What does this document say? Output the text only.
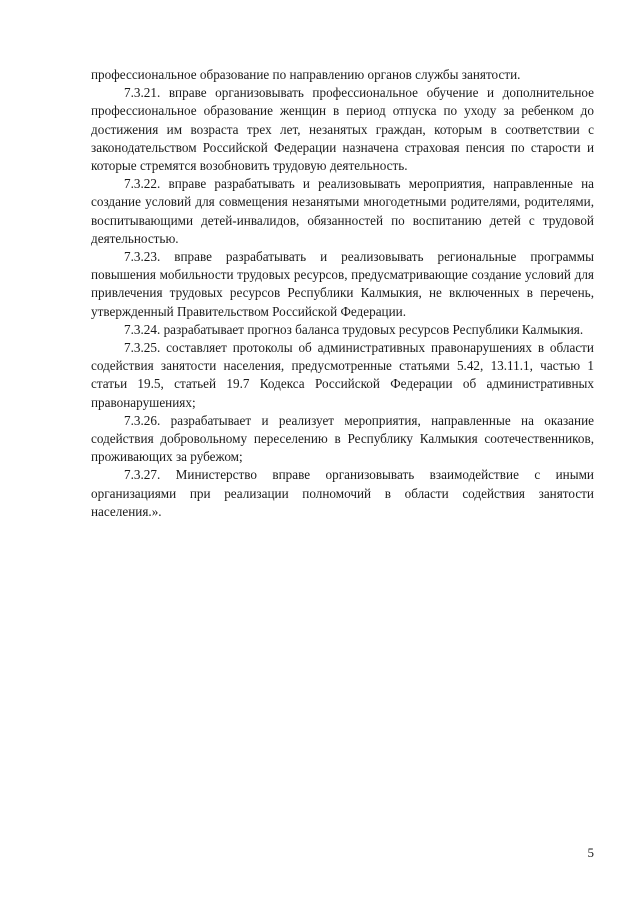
профессиональное образование по направлению органов службы занятости.

7.3.21. вправе организовывать профессиональное обучение и дополнительное профессиональное образование женщин в период отпуска по уходу за ребенком до достижения им возраста трех лет, незанятых граждан, которым в соответствии с законодательством Российской Федерации назначена страховая пенсия по старости и которые стремятся возобновить трудовую деятельность.

7.3.22. вправе разрабатывать и реализовывать мероприятия, направленные на создание условий для совмещения незанятыми многодетными родителями, родителями, воспитывающими детей-инвалидов, обязанностей по воспитанию детей с трудовой деятельностью.

7.3.23. вправе разрабатывать и реализовывать региональные программы повышения мобильности трудовых ресурсов, предусматривающие создание условий для привлечения трудовых ресурсов Республики Калмыкия, не включенных в перечень, утвержденный Правительством Российской Федерации.

7.3.24. разрабатывает прогноз баланса трудовых ресурсов Республики Калмыкия.

7.3.25. составляет протоколы об административных правонарушениях в области содействия занятости населения, предусмотренные статьями 5.42, 13.11.1, частью 1 статьи 19.5, статьей 19.7 Кодекса Российской Федерации об административных правонарушениях;

7.3.26. разрабатывает и реализует мероприятия, направленные на оказание содействия добровольному переселению в Республику Калмыкия соотечественников, проживающих за рубежом;

7.3.27. Министерство вправе организовывать взаимодействие с иными организациями при реализации полномочий в области содействия занятости населения.».

5
